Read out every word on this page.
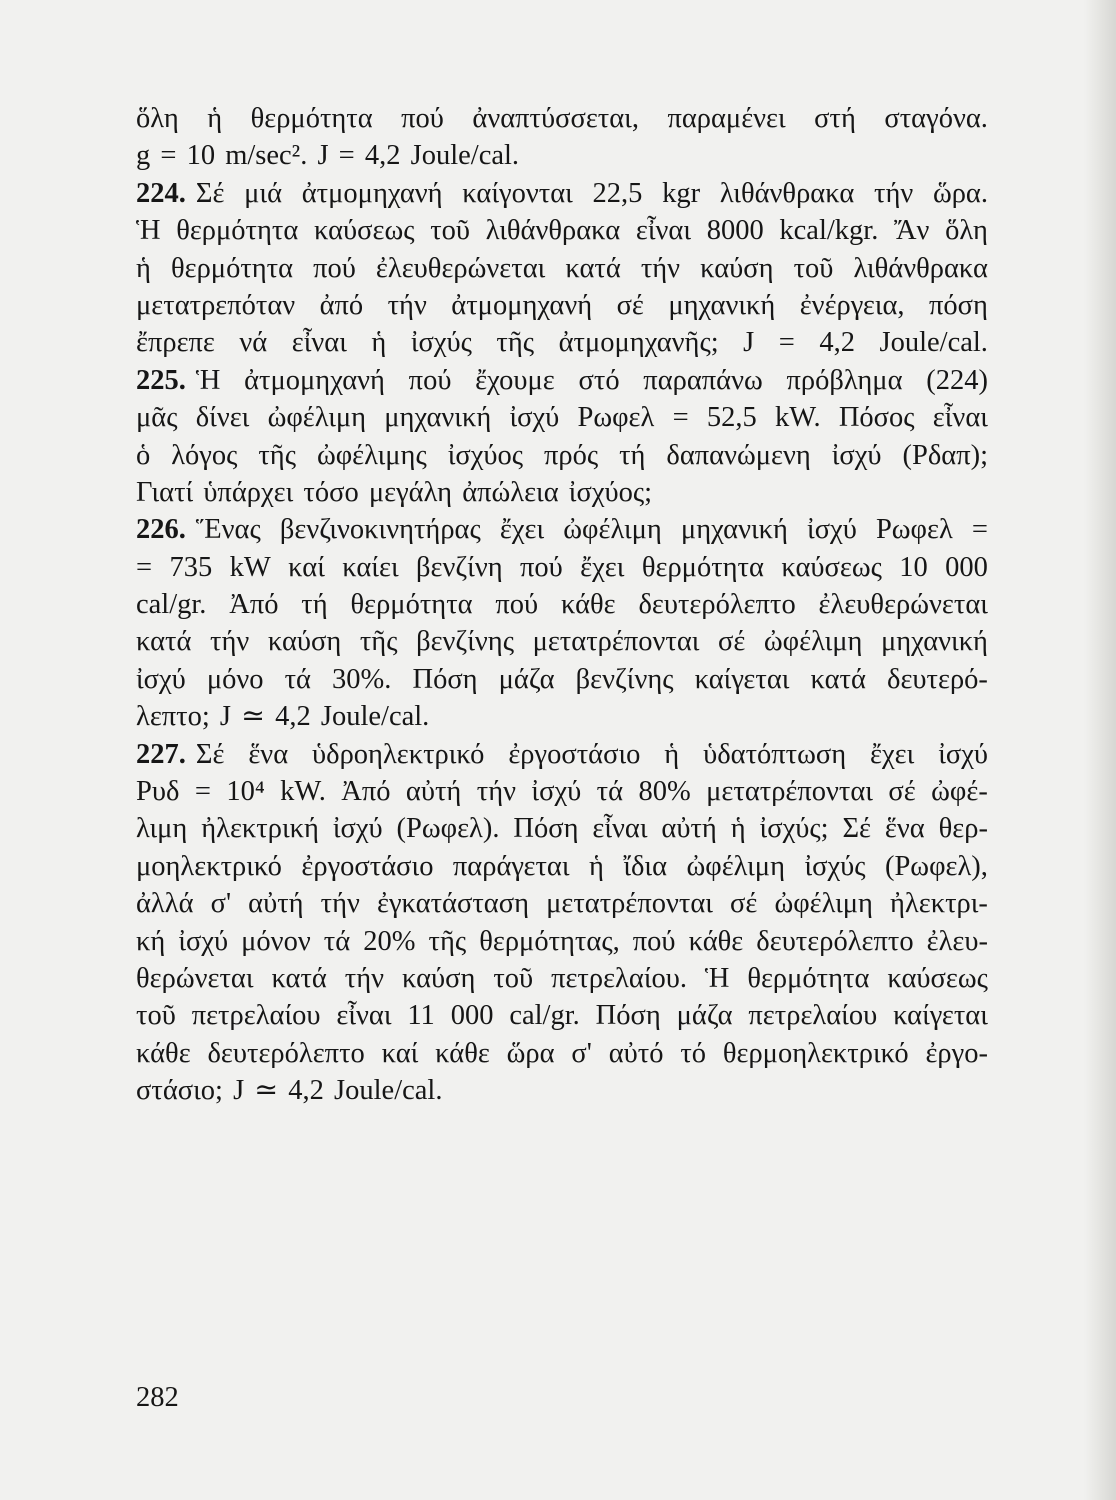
ὅλη ἡ θερμότητα πού ἀναπτύσσεται, παραμένει στή σταγόνα.
g = 10 m/sec². J = 4,2 Joule/cal.
224. Σέ μιά ἀτμομηχανή καίγονται 22,5 kgr λιθάνθρακα τήν ὥρα.
Ἡ θερμότητα καύσεως τοῦ λιθάνθρακα εἶναι 8000 kcal/kgr. Ἄν ὅλη
ἡ θερμότητα πού ἐλευθερώνεται κατά τήν καύση τοῦ λιθάνθρακα
μετατρεπόταν ἀπό τήν ἀτμομηχανή σέ μηχανική ἐνέργεια, πόση
ἔπρεπε νά εἶναι ἡ ἰσχύς τῆς ἀτμομηχανῆς; J = 4,2 Joule/cal.
225. Ἡ ἀτμομηχανή πού ἔχουμε στό παραπάνω πρόβλημα (224)
μᾶς δίνει ὠφέλιμη μηχανική ἰσχύ Pωφελ = 52,5 kW. Πόσος εἶναι
ὁ λόγος τῆς ὠφέλιμης ἰσχύος πρός τή δαπανώμενη ἰσχύ (Pδαπ);
Γιατί ὑπάρχει τόσο μεγάλη ἀπώλεια ἰσχύος;
226. Ἕνας βενζινοκινητήρας ἔχει ὠφέλιμη μηχανική ἰσχύ Pωφελ =
= 735 kW καί καίει βενζίνη πού ἔχει θερμότητα καύσεως 10 000
cal/gr. Ἀπό τή θερμότητα πού κάθε δευτερόλεπτο ἐλευθερώνεται
κατά τήν καύση τῆς βενζίνης μετατρέπονται σέ ὠφέλιμη μηχανική
ἰσχύ μόνο τά 30%. Πόση μάζα βενζίνης καίγεται κατά δευτερό-
λεπτο; J ≃ 4,2 Joule/cal.
227. Σέ ἕνα ὑδροηλεκτρικό ἐργοστάσιο ἡ ὑδατόπτωση ἔχει ἰσχύ
Pυδ = 10⁴ kW. Ἀπό αὐτή τήν ἰσχύ τά 80% μετατρέπονται σέ ὠφέ-
λιμη ἠλεκτρική ἰσχύ (Pωφελ). Πόση εἶναι αὐτή ἡ ἰσχύς; Σέ ἕνα θερ-
μοηλεκτρικό ἐργοστάσιο παράγεται ἡ ἴδια ὠφέλιμη ἰσχύς (Pωφελ),
ἀλλά σ' αὐτή τήν ἐγκατάσταση μετατρέπονται σέ ὠφέλιμη ἠλεκτρι-
κή ἰσχύ μόνον τά 20% τῆς θερμότητας, πού κάθε δευτερόλεπτο ἐλευ-
θερώνεται κατά τήν καύση τοῦ πετρελαίου. Ἡ θερμότητα καύσεως
τοῦ πετρελαίου εἶναι 11 000 cal/gr. Πόση μάζα πετρελαίου καίγεται
κάθε δευτερόλεπτο καί κάθε ὥρα σ' αὐτό τό θερμοηλεκτρικό ἐργο-
στάσιο; J ≃ 4,2 Joule/cal.
282
